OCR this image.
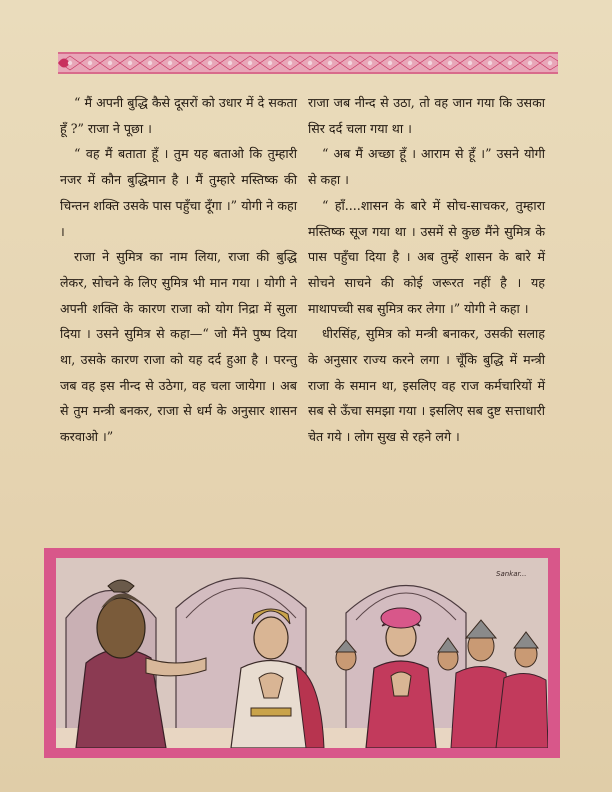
“ मैं अपनी बुद्धि कैसे दूसरों को उधार में दे सकता हूँ ?” राजा ने पूछा ।

“ वह मैं बताता हूँ । तुम यह बताओ कि तुम्हारी नजर में कौन बुद्धिमान है । मैं तुम्हारे मस्तिष्क की चिन्तन शक्ति उसके पास पहुँचा दूँगा ।” योगी ने कहा ।

राजा ने सुमित्र का नाम लिया, राजा की बुद्धि लेकर, सोचने के लिए सुमित्र भी मान गया । योगी ने अपनी शक्ति के कारण राजा को योग निद्रा में सुला दिया । उसने सुमित्र से कहा—“ जो मैंने पुष्प दिया था, उसके कारण राजा को यह दर्द हुआ है । परन्तु जब वह इस नीन्द से उठेगा, वह चला जायेगा । अब से तुम मन्त्री बनकर, राजा से धर्म के अनुसार शासन करवाओ ।”

राजा जब नीन्द से उठा, तो वह जान गया कि उसका सिर दर्द चला गया था ।

“ अब मैं अच्छा हूँ । आराम से हूँ ।” उसने योगी से कहा ।

“ हाँ....शासन के बारे में सोच-साचकर, तुम्हारा मस्तिष्क सूज गया था । उसमें से कुछ मैंने सुमित्र के पास पहुँचा दिया है । अब तुम्हें शासन के बारे में सोचने साचने की कोई जरूरत नहीं है । यह माथापच्ची सब सुमित्र कर लेगा ।” योगी ने कहा ।

धीरसिंह, सुमित्र को मन्त्री बनाकर, उसकी सलाह के अनुसार राज्य करने लगा । चूँकि बुद्धि में मन्त्री राजा के समान था, इसलिए वह राज कर्मचारियों में सब से ऊँचा समझा गया । इसलिए सब दुष्ट सत्ताधारी चेत गये । लोग सुख से रहने लगे ।

Sankar...
